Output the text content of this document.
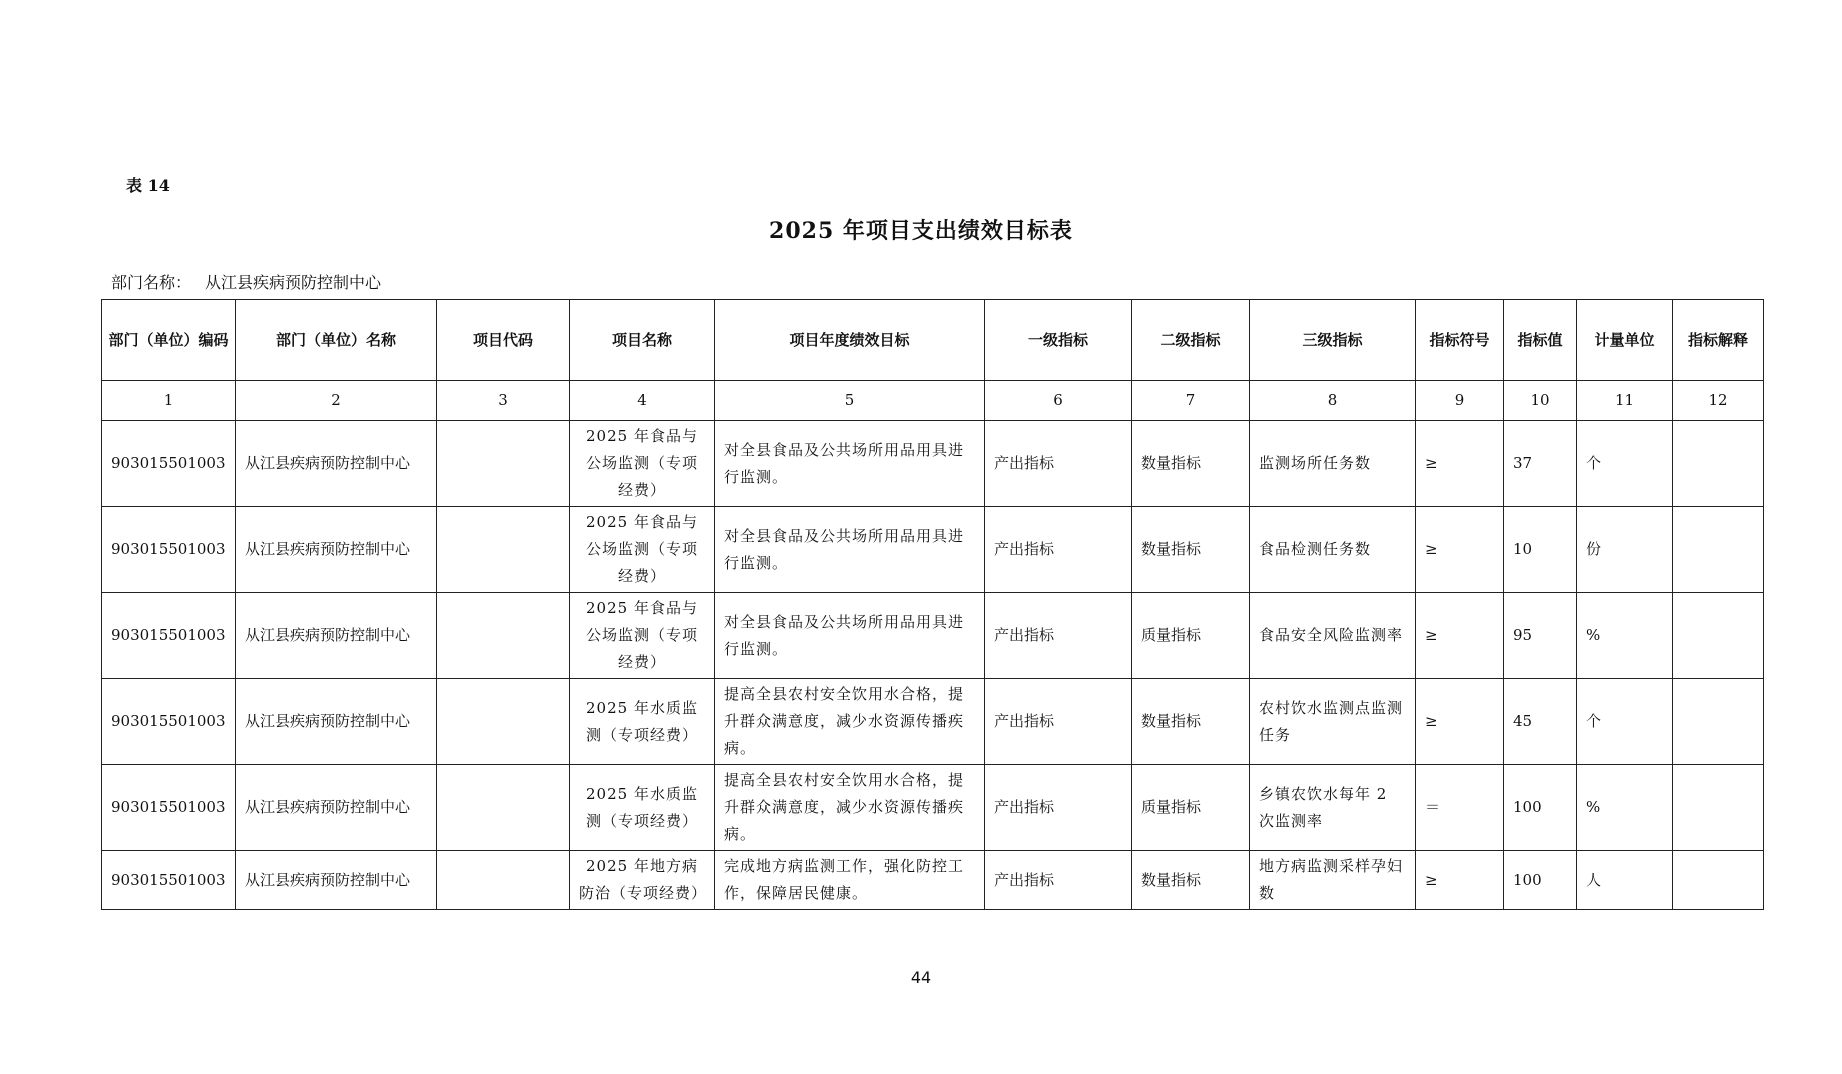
表 14
2025 年项目支出绩效目标表
部门名称： 从江县疾病预防控制中心
部门（单位）编码	部门（单位）名称	项目代码	项目名称	项目年度绩效目标	一级指标	二级指标	三级指标	指标符号	指标值	计量单位	指标解释
1	2	3	4	5	6	7	8	9	10	11	12
903015501003	从江县疾病预防控制中心		2025 年食品与公场监测（专项经费）	对全县食品及公共场所用品用具进行监测。	产出指标	数量指标	监测场所任务数	≥	37	个	
903015501003	从江县疾病预防控制中心		2025 年食品与公场监测（专项经费）	对全县食品及公共场所用品用具进行监测。	产出指标	数量指标	食品检测任务数	≥	10	份	
903015501003	从江县疾病预防控制中心		2025 年食品与公场监测（专项经费）	对全县食品及公共场所用品用具进行监测。	产出指标	质量指标	食品安全风险监测率	≥	95	%	
903015501003	从江县疾病预防控制中心		2025 年水质监测（专项经费）	提高全县农村安全饮用水合格，提升群众满意度，减少水资源传播疾病。	产出指标	数量指标	农村饮水监测点监测任务	≥	45	个	
903015501003	从江县疾病预防控制中心		2025 年水质监测（专项经费）	提高全县农村安全饮用水合格，提升群众满意度，减少水资源传播疾病。	产出指标	质量指标	乡镇农饮水每年 2 次监测率	＝	100	%	
903015501003	从江县疾病预防控制中心		2025 年地方病防治（专项经费）	完成地方病监测工作，强化防控工作，保障居民健康。	产出指标	数量指标	地方病监测采样孕妇数	≥	100	人	
44
